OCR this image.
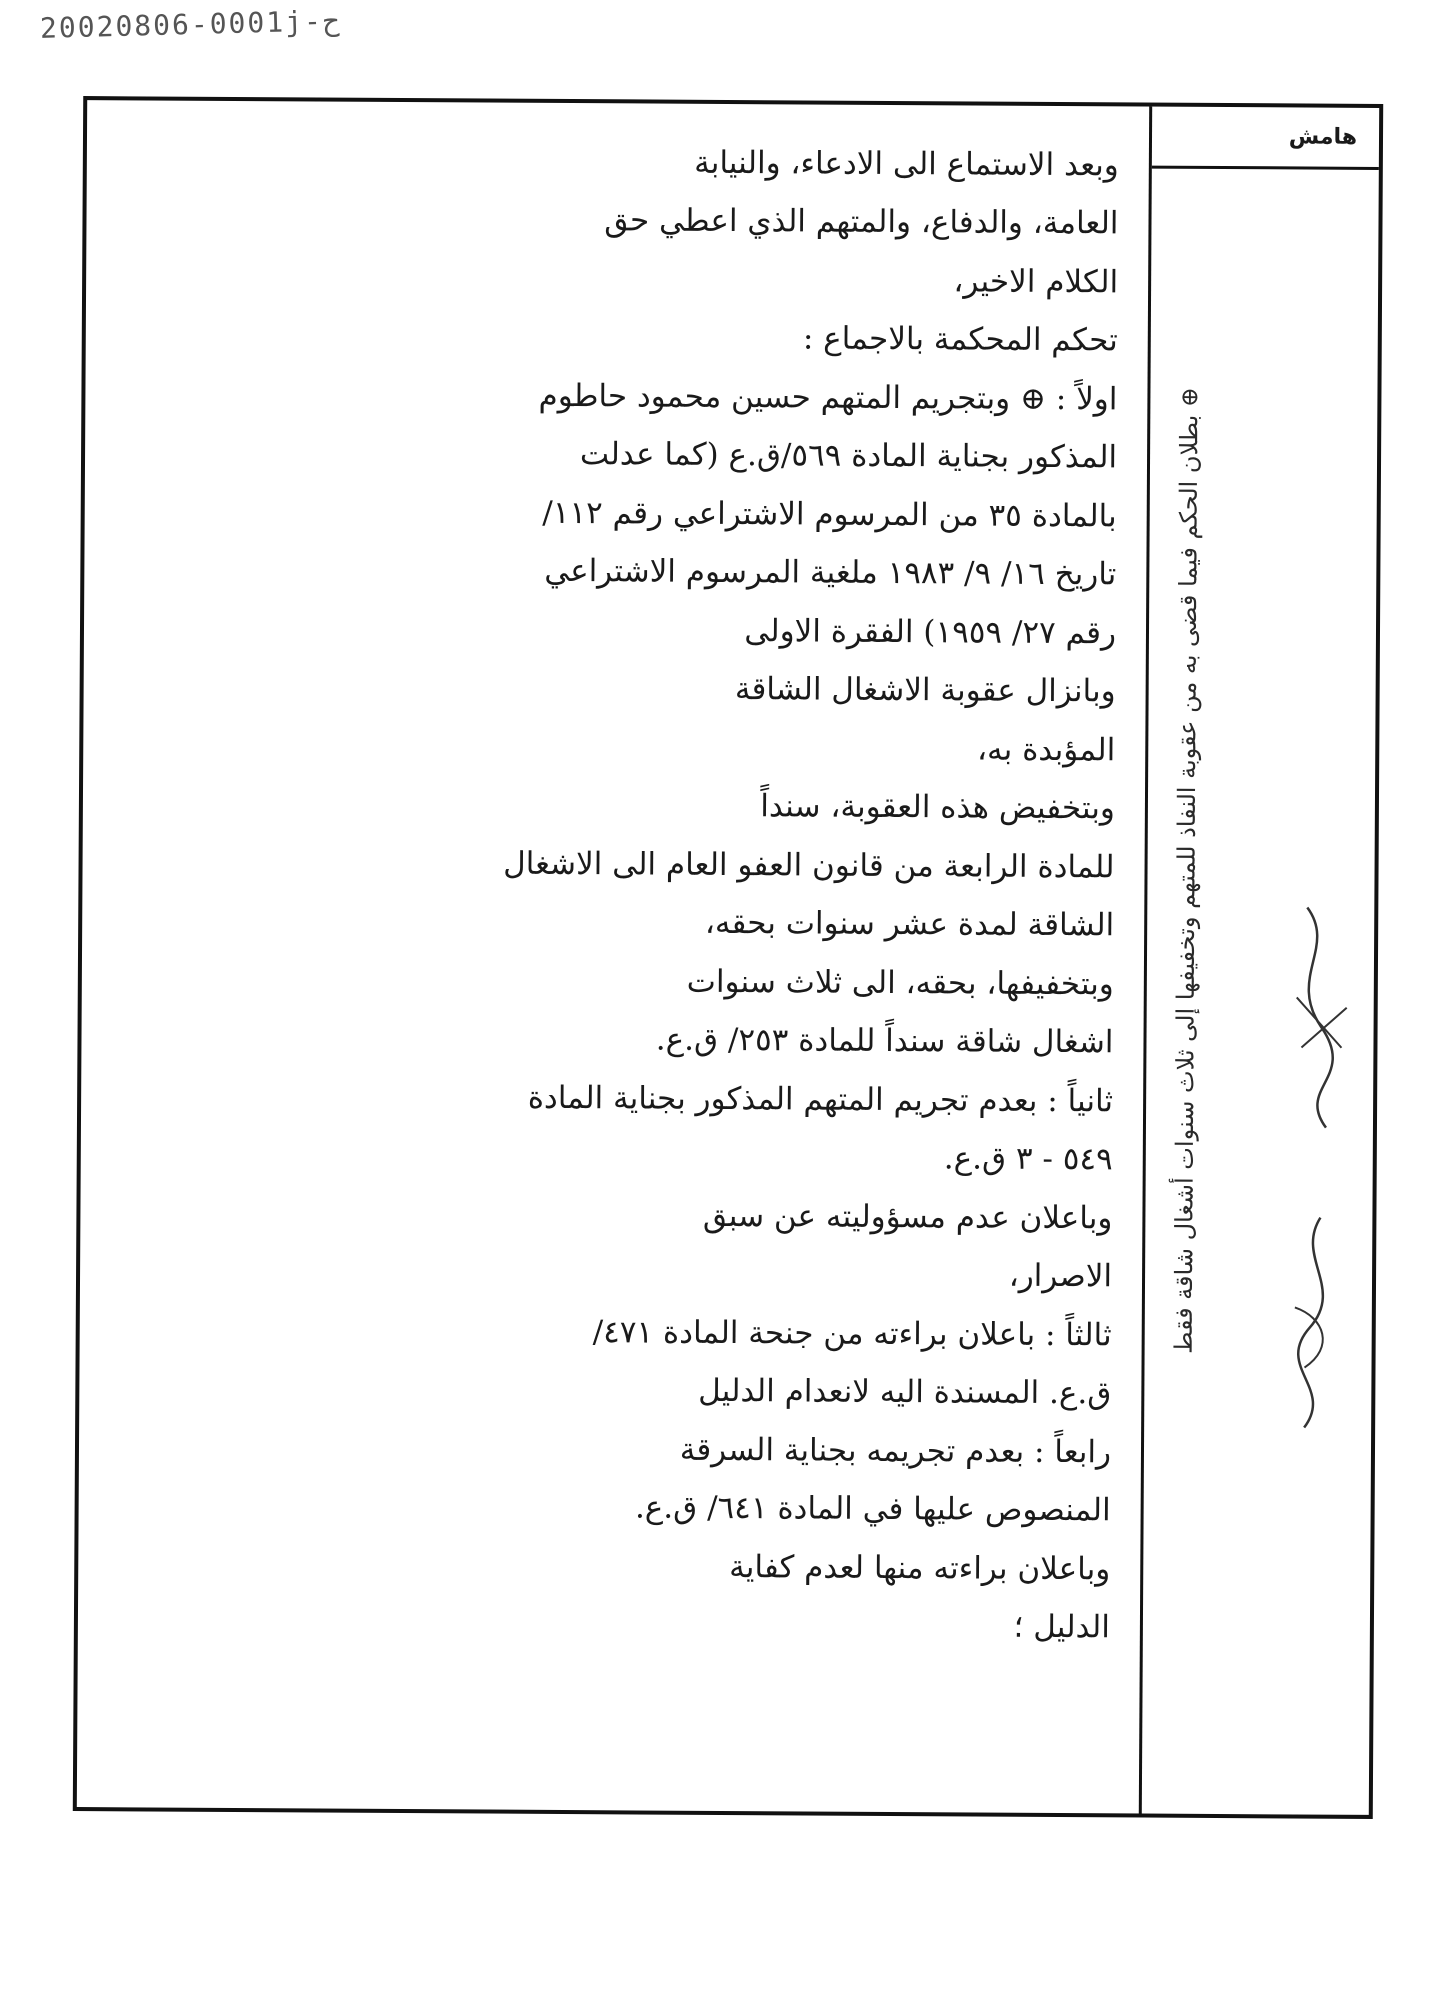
20020806-0001j-ح
هامش
⊕ بطلان الحكم فيما قضى به من عقوبة النفاذ للمتهم وتخفيفها إلى ثلاث سنوات أشغال شاقة فقط
وبعد الاستماع الى الادعاء، والنيابة
العامة، والدفاع، والمتهم الذي اعطي حق
الكلام الاخير،
تحكم المحكمة بالاجماع :
اولاً : ⊕ وبتجريم المتهم حسين محمود حاطوم
المذكور بجناية المادة ٥٦٩/ق.ع (كما عدلت
بالمادة ٣٥ من المرسوم الاشتراعي رقم ١١٢/
تاريخ ١٦/ ٩/ ١٩٨٣ ملغية المرسوم الاشتراعي
رقم ٢٧/ ١٩٥٩) الفقرة الاولى
وبانزال عقوبة الاشغال الشاقة
المؤبدة به،
وبتخفيض هذه العقوبة، سنداً
للمادة الرابعة من قانون العفو العام الى الاشغال
الشاقة لمدة عشر سنوات بحقه،
وبتخفيفها، بحقه، الى ثلاث سنوات
اشغال شاقة سنداً للمادة ٢٥٣/ ق.ع.
ثانياً : بعدم تجريم المتهم المذكور بجناية المادة
٥٤٩ - ٣ ق.ع.
وباعلان عدم مسؤوليته عن سبق
الاصرار،
ثالثاً : باعلان براءته من جنحة المادة ٤٧١/
ق.ع. المسندة اليه لانعدام الدليل
رابعاً : بعدم تجريمه بجناية السرقة
المنصوص عليها في المادة ٦٤١/ ق.ع.
وباعلان براءته منها لعدم كفاية
الدليل ؛
